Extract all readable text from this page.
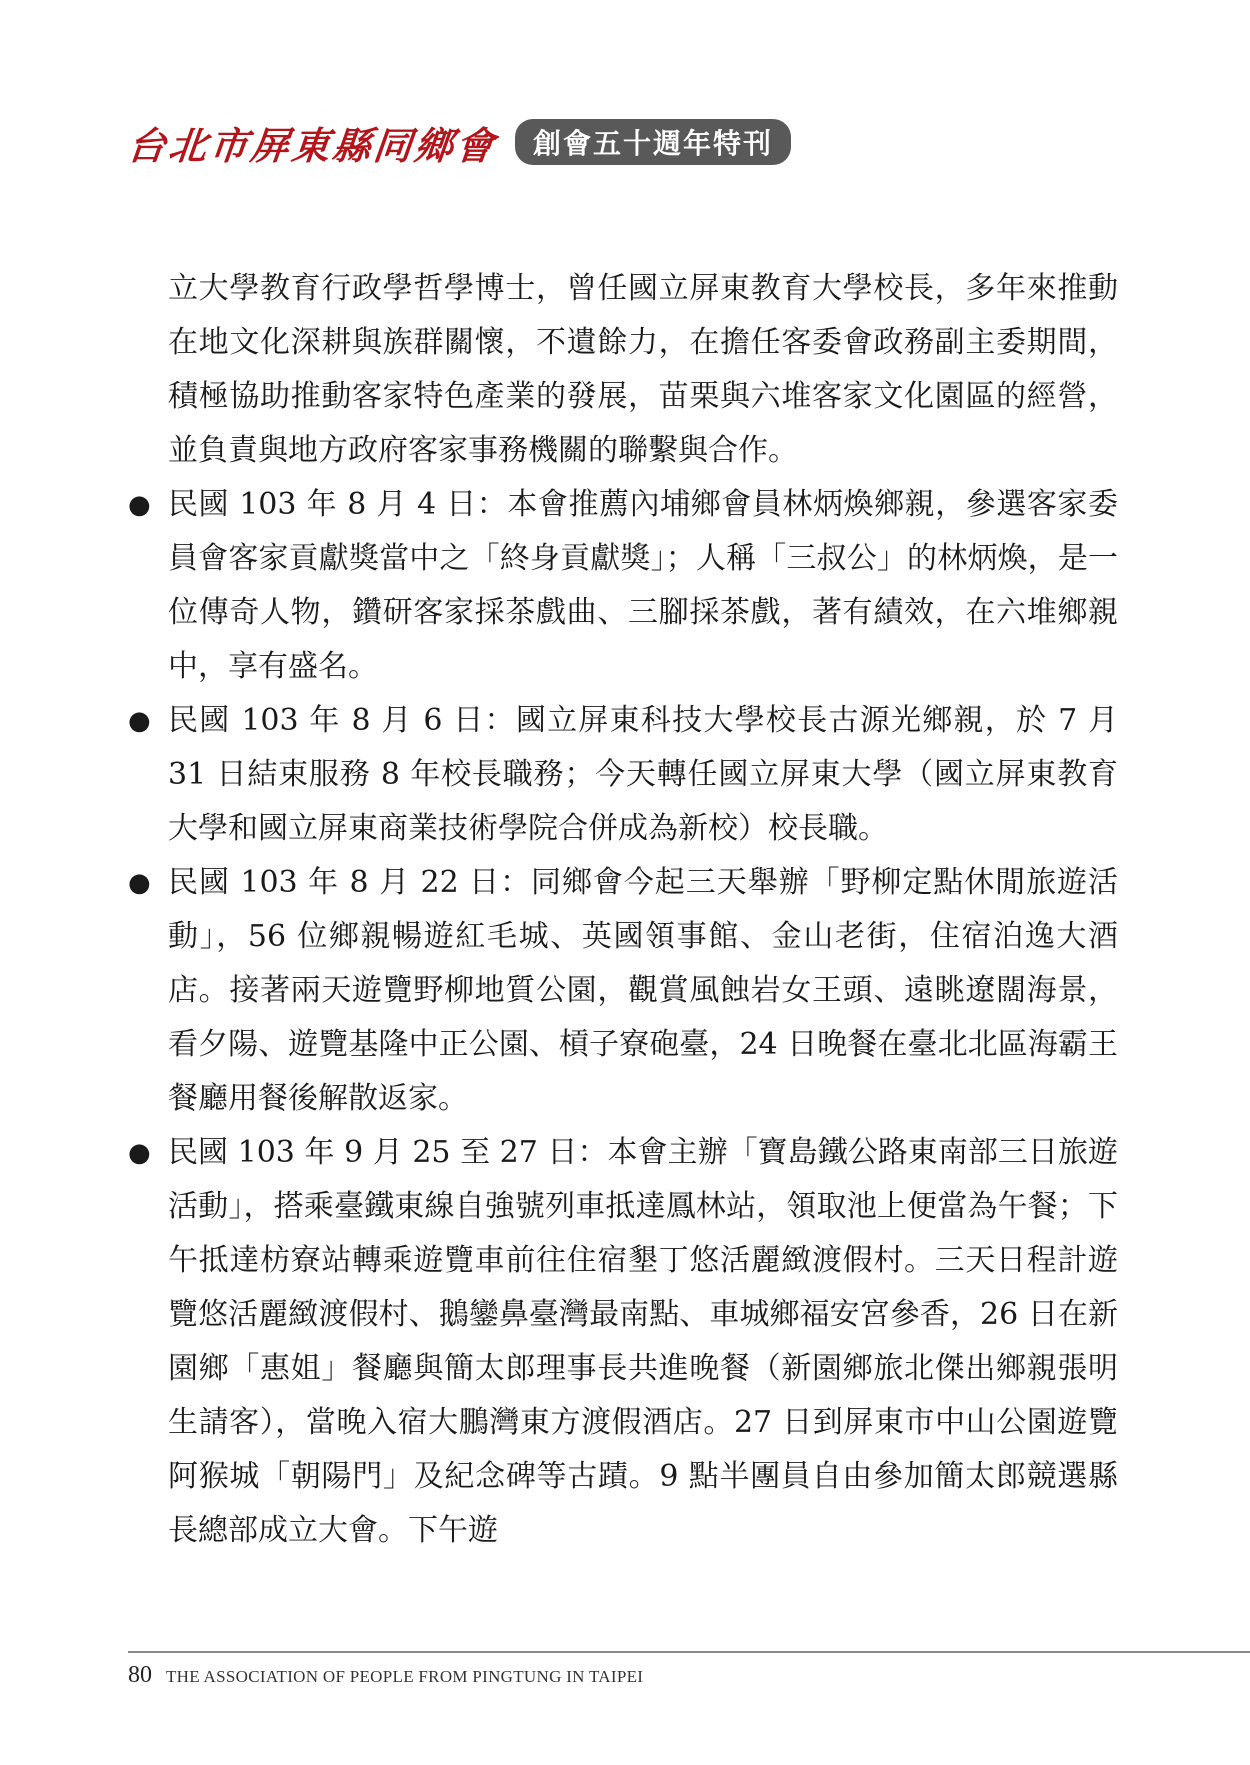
台北市屏東縣同鄉會	創會五十週年特刊

立大學教育行政學哲學博士，曾任國立屏東教育大學校長，多年來推動在地文化深耕與族群關懷，不遺餘力，在擔任客委會政務副主委期間，積極協助推動客家特色產業的發展，苗栗與六堆客家文化園區的經營，並負責與地方政府客家事務機關的聯繫與合作。

● 民國 103 年 8 月 4 日：本會推薦內埔鄉會員林炳煥鄉親，參選客家委員會客家貢獻獎當中之「終身貢獻獎」；人稱「三叔公」的林炳煥，是一位傳奇人物，鑽研客家採茶戲曲、三腳採茶戲，著有績效，在六堆鄉親中，享有盛名。
● 民國 103 年 8 月 6 日：國立屏東科技大學校長古源光鄉親，於 7 月 31 日結束服務 8 年校長職務；今天轉任國立屏東大學（國立屏東教育大學和國立屏東商業技術學院合併成為新校）校長職。
● 民國 103 年 8 月 22 日：同鄉會今起三天舉辦「野柳定點休閒旅遊活動」，56 位鄉親暢遊紅毛城、英國領事館、金山老街，住宿泊逸大酒店。接著兩天遊覽野柳地質公園，觀賞風蝕岩女王頭、遠眺遼闊海景，看夕陽、遊覽基隆中正公園、槓子寮砲臺，24 日晚餐在臺北北區海霸王餐廳用餐後解散返家。
● 民國 103 年 9 月 25 至 27 日：本會主辦「寶島鐵公路東南部三日旅遊活動」，搭乘臺鐵東線自強號列車抵達鳳林站，領取池上便當為午餐；下午抵達枋寮站轉乘遊覽車前往住宿墾丁悠活麗緻渡假村。三天日程計遊覽悠活麗緻渡假村、鵝鑾鼻臺灣最南點、車城鄉福安宮參香，26 日在新園鄉「惠姐」餐廳與簡太郎理事長共進晚餐（新園鄉旅北傑出鄉親張明生請客），當晚入宿大鵬灣東方渡假酒店。27 日到屏東市中山公園遊覽阿猴城「朝陽門」及紀念碑等古蹟。9 點半團員自由參加簡太郎競選縣長總部成立大會。下午遊
80 THE ASSOCIATION OF PEOPLE FROM PINGTUNG IN TAIPEI
